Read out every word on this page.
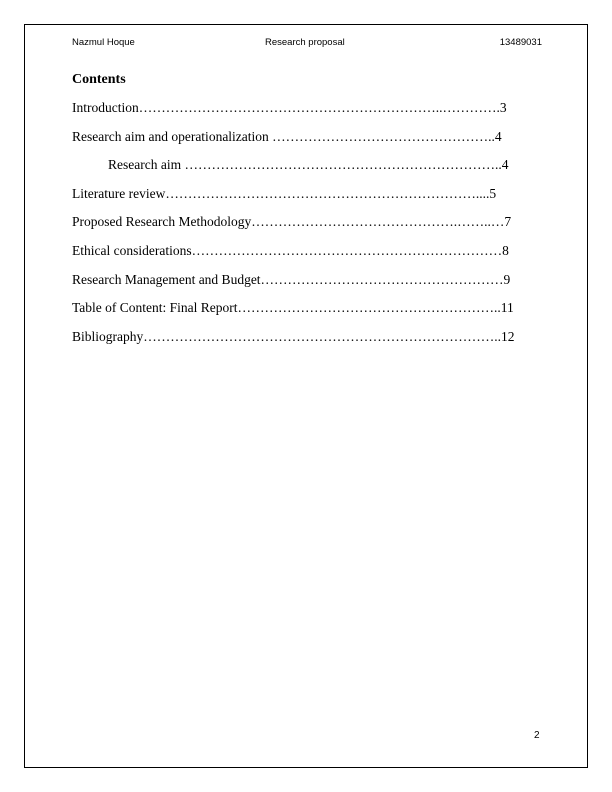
Nazmul Hoque	Research proposal	13489031
Contents
Introduction…………………………………………………………..………….3
Research aim and operationalization …………………………………………..4
Research aim ……………………………………………………………..4
Literature review……………………………………………………………....5
Proposed Research Methodology……………………………………….……..…7
Ethical considerations……………………………………………………………8
Research Management and Budget………………………………………………9
Table of Content: Final Report…………………………………………………..11
Bibliography……………………………………………………………………..12
2
